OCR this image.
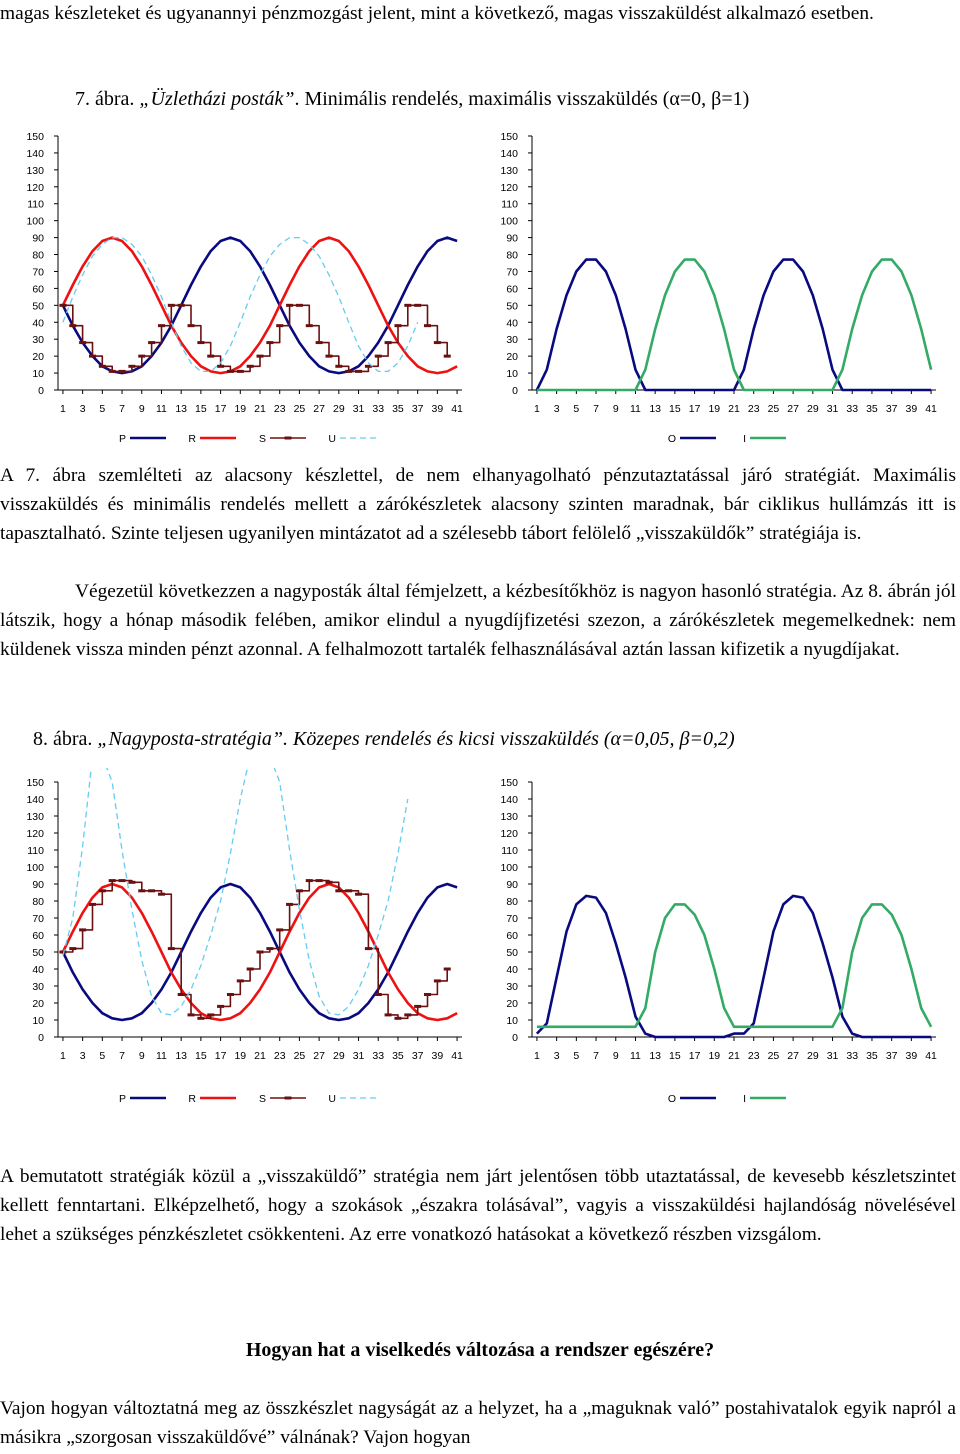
magas készleteket és ugyanannyi pénzmozgást jelent, mint a következő, magas visszaküldést alkalmazó esetben.

7. ábra. „Üzletházi posták”. Minimális rendelés, maximális visszaküldés (α=0, β=1)

0
10
20
30
40
50
60
70
80
90
100
110
120
130
140
150
1 3 5 7 9 11 13 15 17 19 21 23 25 27 29 31 33 35 37 39 41
P	R	S	U
0
10
20
30
40
50
60
70
80
90
100
110
120
130
140
150
1 3 5 7 9 11 13 15 17 19 21 23 25 27 29 31 33 35 37 39 41
O	I

A 7. ábra szemlélteti az alacsony készlettel, de nem elhanyagolható pénzutaztatással járó stratégiát. Maximális visszaküldés és minimális rendelés mellett a zárókészletek alacsony szinten maradnak, bár ciklikus hullámzás itt is tapasztalható. Szinte teljesen ugyanilyen mintázatot ad a szélesebb tábort felölelő „visszaküldők” stratégiája is.

Végezetül következzen a nagyposták által fémjelzett, a kézbesítőkhöz is nagyon hasonló stratégia. Az 8. ábrán jól látszik, hogy a hónap második felében, amikor elindul a nyugdíjfizetési szezon, a zárókészletek megemelkednek: nem küldenek vissza minden pénzt azonnal. A felhalmozott tartalék felhasználásával aztán lassan kifizetik a nyugdíjakat.

8. ábra. „Nagyposta-stratégia”. Közepes rendelés és kicsi visszaküldés (α=0,05, β=0,2)

0
10
20
30
40
50
60
70
80
90
100
110
120
130
140
150
1 3 5 7 9 11 13 15 17 19 21 23 25 27 29 31 33 35 37 39 41
P	R	S	U
0
10
20
30
40
50
60
70
80
90
100
110
120
130
140
150
1 3 5 7 9 11 13 15 17 19 21 23 25 27 29 31 33 35 37 39 41
O	I

A bemutatott stratégiák közül a „visszaküldő” stratégia nem járt jelentősen több utaztatással, de kevesebb készletszintet kellett fenntartani. Elképzelhető, hogy a szokások „északra tolásával”, vagyis a visszaküldési hajlandóság növelésével lehet a szükséges pénzkészletet csökkenteni. Az erre vonatkozó hatásokat a következő részben vizsgálom.

Hogyan hat a viselkedés változása a rendszer egészére?

Vajon hogyan változtatná meg az összkészlet nagyságát az a helyzet, ha a „maguknak való” postahivatalok egyik napról a másikra „szorgosan visszaküldővé” válnának? Vajon hogyan
